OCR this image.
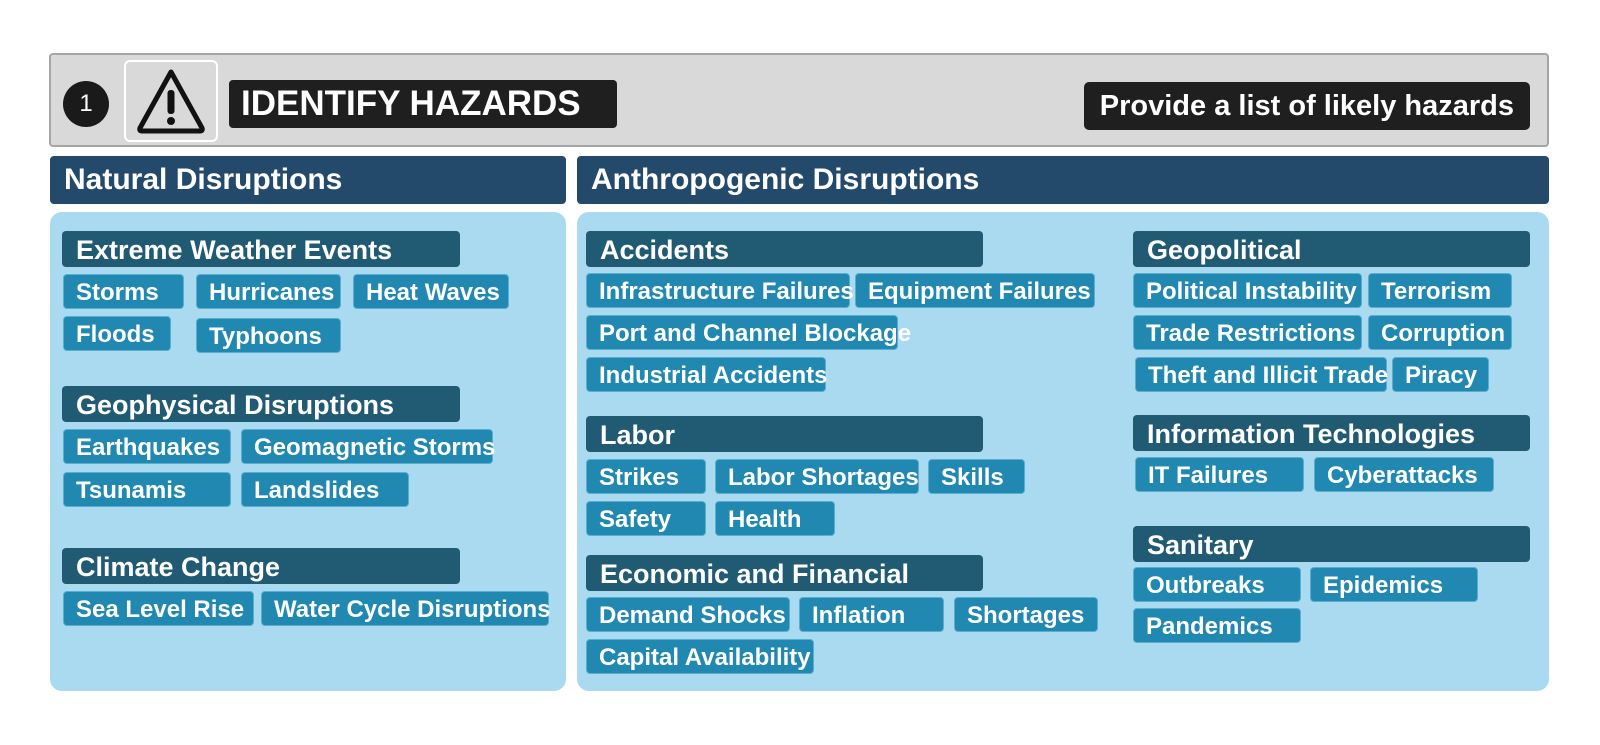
1	IDENTIFY HAZARDS	Provide a list of likely hazards
Natural Disruptions	Anthropogenic Disruptions
Extreme Weather Events
Storms	Hurricanes	Heat Waves
Floods	Typhoons
Geophysical Disruptions
Earthquakes	Geomagnetic Storms
Tsunamis	Landslides
Climate Change
Sea Level Rise	Water Cycle Disruptions
Accidents
Infrastructure Failures Equipment Failures
Port and Channel Blockage
Industrial Accidents
Labor
Strikes	Labor Shortages Skills
Safety	Health
Economic and Financial
Demand Shocks	Inflation	Shortages
Capital Availability
Geopolitical
Political Instability	Terrorism
Trade Restrictions	Corruption
Theft and Illicit Trade Piracy
Information Technologies
IT Failures	Cyberattacks
Sanitary
Outbreaks	Epidemics
Pandemics
